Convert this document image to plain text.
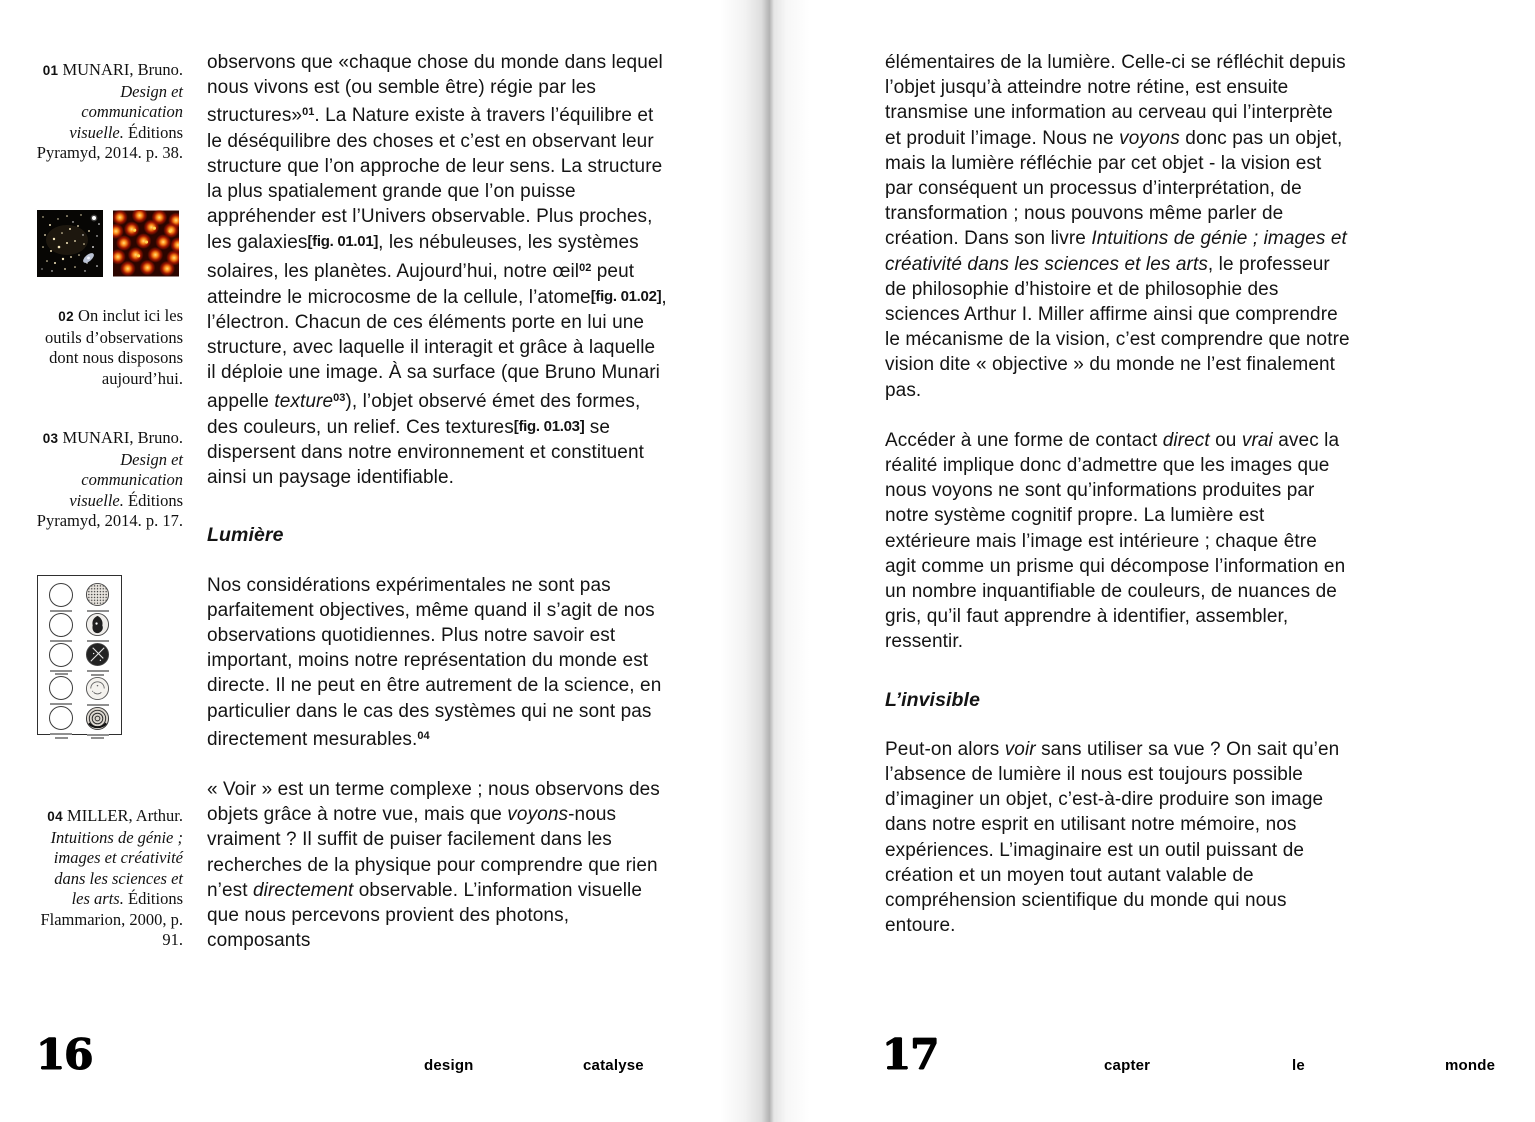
01 MUNARI, Bruno. Design et communication visuelle. Éditions Pyramyd, 2014. p. 38.
02 On inclut ici les outils d’observations dont nous disposons aujourd’hui.
03 MUNARI, Bruno. Design et communication visuelle. Éditions Pyramyd, 2014. p. 17.
04 MILLER, Arthur. Intuitions de génie ; images et créativité dans les sciences et les arts. Éditions Flammarion, 2000, p. 91.

observons que «chaque chose du monde dans lequel nous vivons est (ou semble être) régie par les structures»$^{01}$. La Nature existe à travers l’équilibre et le déséquilibre des choses et c’est en observant leur structure que l’on approche de leur sens. La structure la plus spatialement grande que l’on puisse appréhender est l’Univers observable. Plus proches, les galaxies[fig. 01.01], les nébuleuses, les systèmes solaires, les planètes. Aujourd’hui, notre œil$^{02}$ peut atteindre le microcosme de la cellule, l’atome[fig. 01.02], l’électron. Chacun de ces éléments porte en lui une structure, avec laquelle il interagit et grâce à laquelle il déploie une image. À sa surface (que Bruno Munari appelle texture$^{03}$), l’objet observé émet des formes, des couleurs, un relief. Ces textures[fig. 01.03] se dispersent dans notre environnement et constituent ainsi un paysage identifiable.

Lumière

Nos considérations expérimentales ne sont pas parfaitement objectives, même quand il s’agit de nos observations quotidiennes. Plus notre savoir est important, moins notre représentation du monde est directe. Il ne peut en être autrement de la science, en particulier dans le cas des systèmes qui ne sont pas directement mesurables.$^{04}$

« Voir » est un terme complexe ; nous observons des objets grâce à notre vue, mais que voyons-nous vraiment ? Il suffit de puiser facilement dans les recherches de la physique pour comprendre que rien n’est directement observable. L’information visuelle que nous percevons provient des photons, composants

16	design	catalyse

élémentaires de la lumière. Celle-ci se réfléchit depuis l’objet jusqu’à atteindre notre rétine, est ensuite transmise une information au cerveau qui l’interprète et produit l’image. Nous ne voyons donc pas un objet, mais la lumière réfléchie par cet objet - la vision est par conséquent un processus d’interprétation, de transformation ; nous pouvons même parler de création. Dans son livre Intuitions de génie ; images et créativité dans les sciences et les arts, le professeur de philosophie d’histoire et de philosophie des sciences Arthur I. Miller affirme ainsi que comprendre le mécanisme de la vision, c’est comprendre que notre vision dite « objective » du monde ne l’est finalement pas.

Accéder à une forme de contact direct ou vrai avec la réalité implique donc d’admettre que les images que nous voyons ne sont qu’informations produites par notre système cognitif propre. La lumière est extérieure mais l’image est intérieure ; chaque être agit comme un prisme qui décompose l’information en un nombre inquantifiable de couleurs, de nuances de gris, qu’il faut apprendre à identifier, assembler, ressentir.

L’invisible

Peut-on alors voir sans utiliser sa vue ? On sait qu’en l’absence de lumière il nous est toujours possible d’imaginer un objet, c’est-à-dire produire son image dans notre esprit en utilisant notre mémoire, nos expériences. L’imaginaire est un outil puissant de création et un moyen tout autant valable de compréhension scientifique du monde qui nous entoure.

17	capter	le	monde
